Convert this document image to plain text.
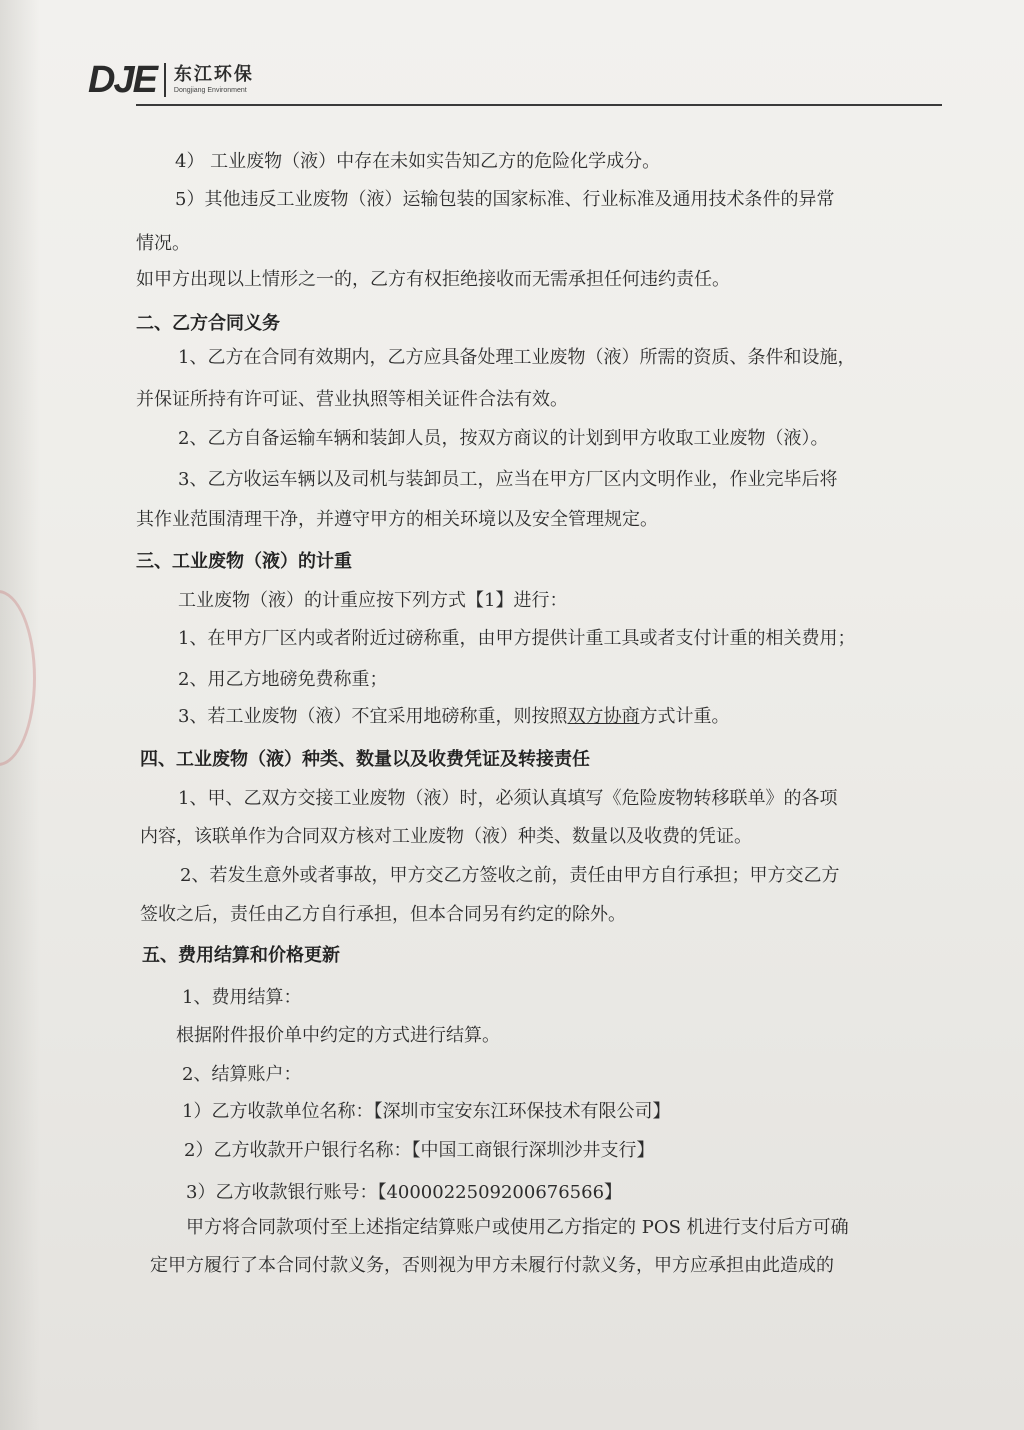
DJE 东江环保
Dongjiang Environment
4） 工业废物（液）中存在未如实告知乙方的危险化学成分。
5）其他违反工业废物（液）运输包装的国家标准、行业标准及通用技术条件的异常
情况。
如甲方出现以上情形之一的，乙方有权拒绝接收而无需承担任何违约责任。
二、乙方合同义务
1、乙方在合同有效期内，乙方应具备处理工业废物（液）所需的资质、条件和设施，
并保证所持有许可证、营业执照等相关证件合法有效。
2、乙方自备运输车辆和装卸人员，按双方商议的计划到甲方收取工业废物（液）。
3、乙方收运车辆以及司机与装卸员工，应当在甲方厂区内文明作业，作业完毕后将
其作业范围清理干净，并遵守甲方的相关环境以及安全管理规定。
三、工业废物（液）的计重
工业废物（液）的计重应按下列方式【1】进行：
1、在甲方厂区内或者附近过磅称重，由甲方提供计重工具或者支付计重的相关费用；
2、用乙方地磅免费称重；
3、若工业废物（液）不宜采用地磅称重，则按照双方协商方式计重。
四、工业废物（液）种类、数量以及收费凭证及转接责任
1、甲、乙双方交接工业废物（液）时，必须认真填写《危险废物转移联单》的各项
内容，该联单作为合同双方核对工业废物（液）种类、数量以及收费的凭证。
2、若发生意外或者事故，甲方交乙方签收之前，责任由甲方自行承担；甲方交乙方
签收之后，责任由乙方自行承担，但本合同另有约定的除外。
五、费用结算和价格更新
1、费用结算：
根据附件报价单中约定的方式进行结算。
2、结算账户：
1）乙方收款单位名称：【深圳市宝安东江环保技术有限公司】
2）乙方收款开户银行名称：【中国工商银行深圳沙井支行】
3）乙方收款银行账号：【4000022509200676566】
甲方将合同款项付至上述指定结算账户或使用乙方指定的 POS 机进行支付后方可确
定甲方履行了本合同付款义务，否则视为甲方未履行付款义务，甲方应承担由此造成的
